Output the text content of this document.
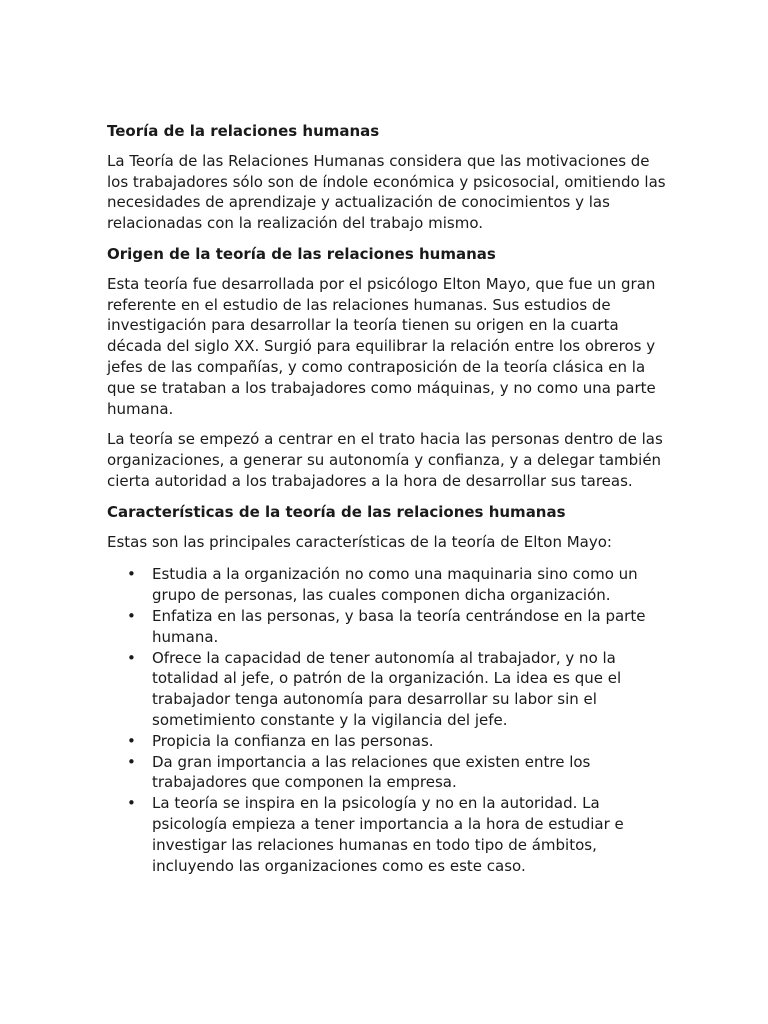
Teoría de la relaciones humanas

La Teoría de las Relaciones Humanas considera que las motivaciones de los trabajadores sólo son de índole económica y psicosocial, omitiendo las necesidades de aprendizaje y actualización de conocimientos y las relacionadas con la realización del trabajo mismo.

Origen de la teoría de las relaciones humanas

Esta teoría fue desarrollada por el psicólogo Elton Mayo, que fue un gran referente en el estudio de las relaciones humanas. Sus estudios de investigación para desarrollar la teoría tienen su origen en la cuarta década del siglo XX. Surgió para equilibrar la relación entre los obreros y jefes de las compañías, y como contraposición de la teoría clásica en la que se trataban a los trabajadores como máquinas, y no como una parte humana.

La teoría se empezó a centrar en el trato hacia las personas dentro de las organizaciones, a generar su autonomía y confianza, y a delegar también cierta autoridad a los trabajadores a la hora de desarrollar sus tareas.

Características de la teoría de las relaciones humanas

Estas son las principales características de la teoría de Elton Mayo:

• Estudia a la organización no como una maquinaria sino como un grupo de personas, las cuales componen dicha organización.
• Enfatiza en las personas, y basa la teoría centrándose en la parte humana.
• Ofrece la capacidad de tener autonomía al trabajador, y no la totalidad al jefe, o patrón de la organización. La idea es que el trabajador tenga autonomía para desarrollar su labor sin el sometimiento constante y la vigilancia del jefe.
• Propicia la confianza en las personas.
• Da gran importancia a las relaciones que existen entre los trabajadores que componen la empresa.
• La teoría se inspira en la psicología y no en la autoridad. La psicología empieza a tener importancia a la hora de estudiar e investigar las relaciones humanas en todo tipo de ámbitos, incluyendo las organizaciones como es este caso.
